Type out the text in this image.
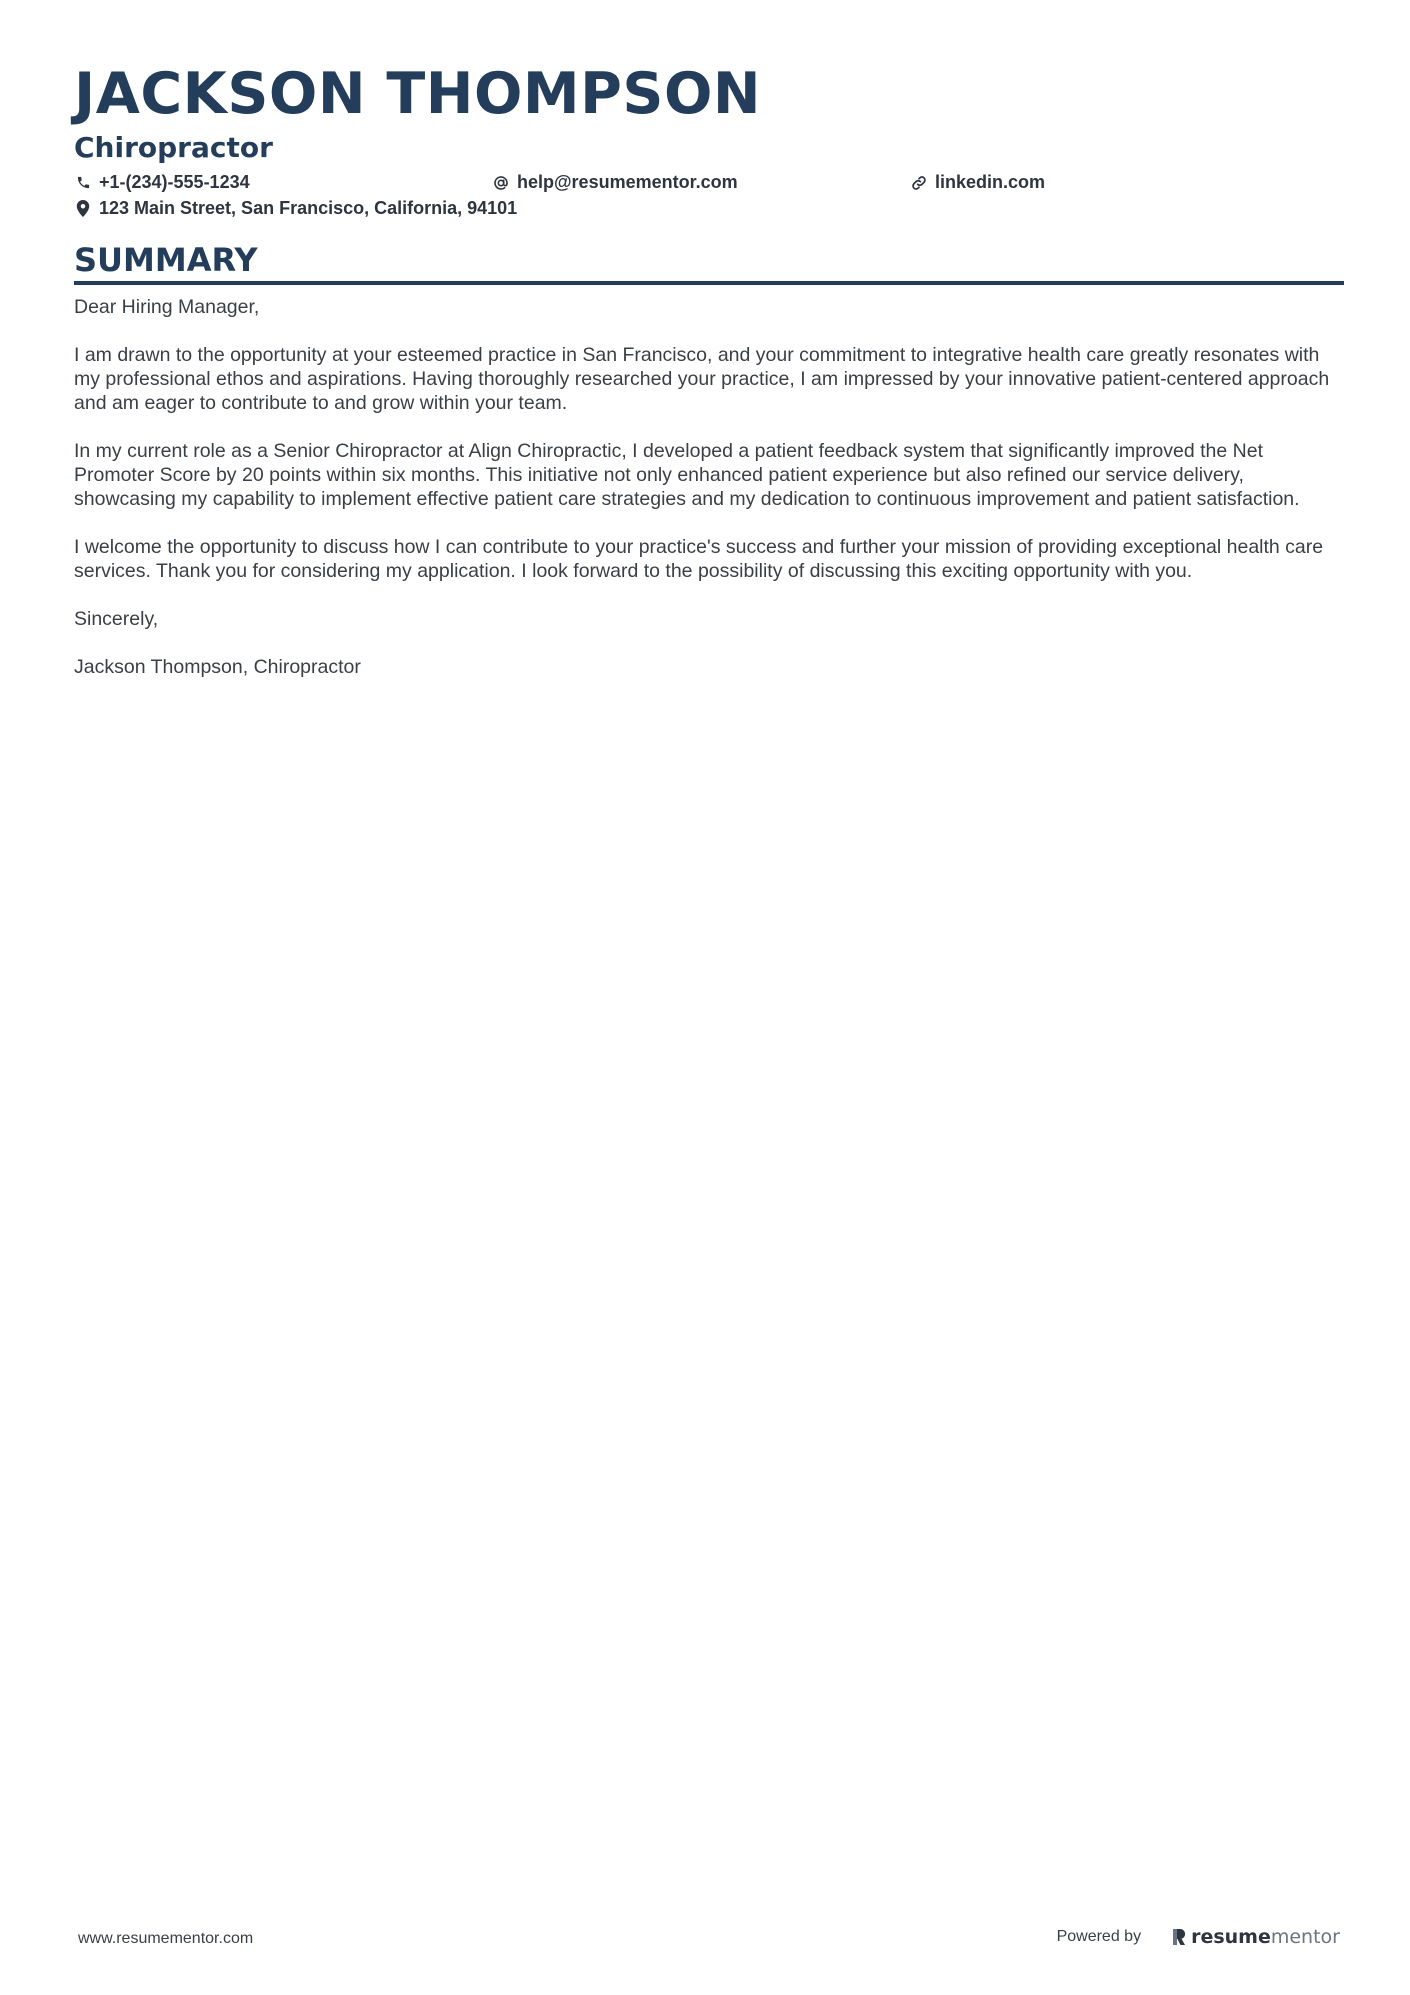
JACKSON THOMPSON
Chiropractor
+1-(234)-555-1234	help@resumementor.com	linkedin.com
123 Main Street, San Francisco, California, 94101
SUMMARY

Dear Hiring Manager,

I am drawn to the opportunity at your esteemed practice in San Francisco, and your commitment to integrative health care greatly resonates with my professional ethos and aspirations. Having thoroughly researched your practice, I am impressed by your innovative patient-centered approach and am eager to contribute to and grow within your team.

In my current role as a Senior Chiropractor at Align Chiropractic, I developed a patient feedback system that significantly improved the Net Promoter Score by 20 points within six months. This initiative not only enhanced patient experience but also refined our service delivery, showcasing my capability to implement effective patient care strategies and my dedication to continuous improvement and patient satisfaction.

I welcome the opportunity to discuss how I can contribute to your practice's success and further your mission of providing exceptional health care services. Thank you for considering my application. I look forward to the possibility of discussing this exciting opportunity with you.

Sincerely,

Jackson Thompson, Chiropractor

www.resumementor.com	Powered by	resume mentor
